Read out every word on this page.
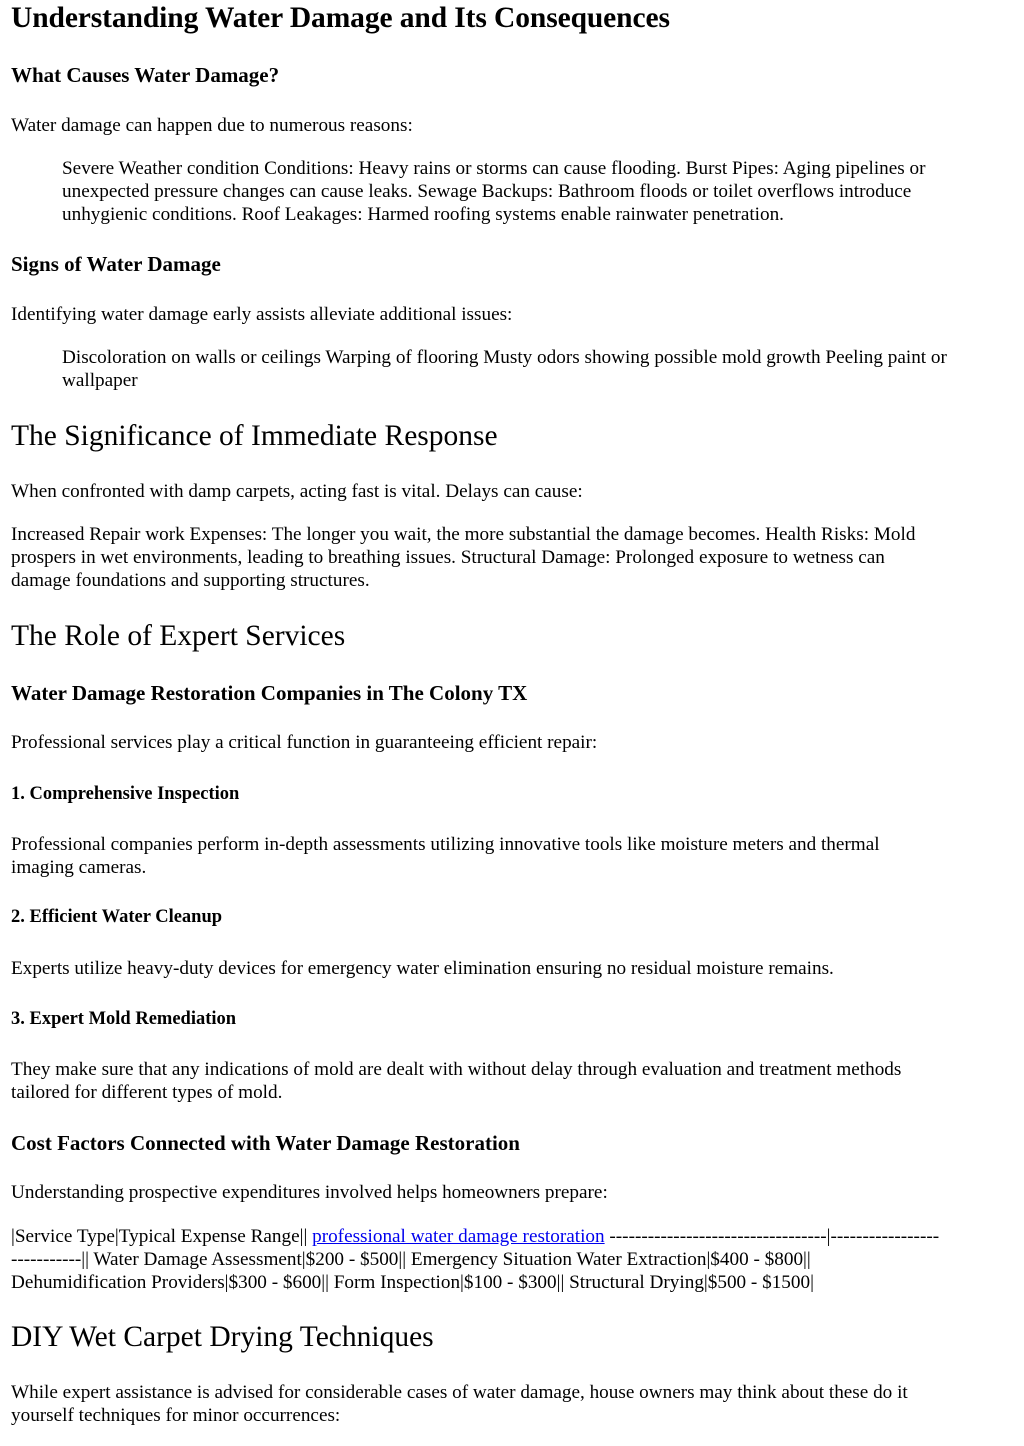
Understanding Water Damage and Its Consequences
What Causes Water Damage?

Water damage can happen due to numerous reasons:

Severe Weather condition Conditions: Heavy rains or storms can cause flooding. Burst Pipes: Aging pipelines or

unexpected pressure changes can cause leaks. Sewage Backups: Bathroom floods or toilet overflows introduce

unhygienic conditions. Roof Leakages: Harmed roofing systems enable rainwater penetration.

Signs of Water Damage

Identifying water damage early assists alleviate additional issues:

Discoloration on walls or ceilings Warping of flooring Musty odors showing possible mold growth Peeling paint or

wallpaper

The Significance of Immediate Response

When confronted with damp carpets, acting fast is vital. Delays can cause:

Increased Repair work Expenses: The longer you wait, the more substantial the damage becomes. Health Risks: Mold

prospers in wet environments, leading to breathing issues. Structural Damage: Prolonged exposure to wetness can

damage foundations and supporting structures.

The Role of Expert Services
Water Damage Restoration Companies in The Colony TX

Professional services play a critical function in guaranteeing efficient repair:

1. Comprehensive Inspection

Professional companies perform in-depth assessments utilizing innovative tools like moisture meters and thermal

imaging cameras.

2. Efficient Water Cleanup

Experts utilize heavy-duty devices for emergency water elimination ensuring no residual moisture remains.

3. Expert Mold Remediation

They make sure that any indications of mold are dealt with without delay through evaluation and treatment methods

tailored for different types of mold.

Cost Factors Connected with Water Damage Restoration

Understanding prospective expenditures involved helps homeowners prepare:

|Service Type|Typical Expense Range|| professional water damage restoration ----------------------------------|-----------------

-----------|| Water Damage Assessment|$200 - $500|| Emergency Situation Water Extraction|$400 - $800||

Dehumidification Providers|$300 - $600|| Form Inspection|$100 - $300|| Structural Drying|$500 - $1500|

DIY Wet Carpet Drying Techniques

While expert assistance is advised for considerable cases of water damage, house owners may think about these do it

yourself techniques for minor occurrences:
